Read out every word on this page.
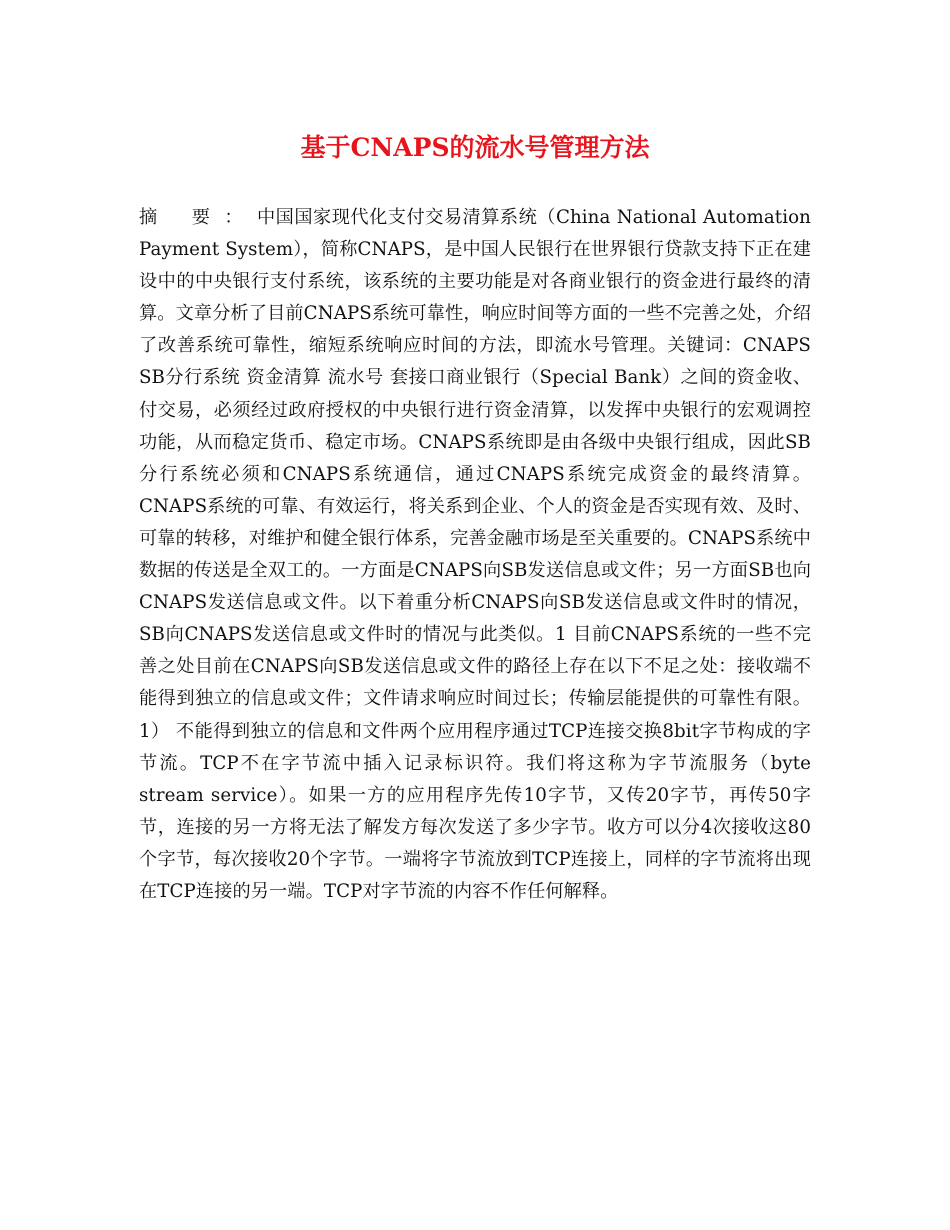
基于CNAPS的流水号管理方法

摘 要：中国国家现代化支付交易清算系统（China National Automation Payment System），简称CNAPS，是中国人民银行在世界银行贷款支持下正在建设中的中央银行支付系统，该系统的主要功能是对各商业银行的资金进行最终的清算。文章分析了目前CNAPS系统可靠性，响应时间等方面的一些不完善之处，介绍了改善系统可靠性，缩短系统响应时间的方法，即流水号管理。关键词：CNAPS SB分行系统 资金清算 流水号 套接口商业银行（Special Bank）之间的资金收、付交易，必须经过政府授权的中央银行进行资金清算，以发挥中央银行的宏观调控功能，从而稳定货币、稳定市场。CNAPS系统即是由各级中央银行组成，因此SB分行系统必须和CNAPS系统通信，通过CNAPS系统完成资金的最终清算。CNAPS系统的可靠、有效运行，将关系到企业、个人的资金是否实现有效、及时、可靠的转移，对维护和健全银行体系，完善金融市场是至关重要的。CNAPS系统中数据的传送是全双工的。一方面是CNAPS向SB发送信息或文件；另一方面SB也向CNAPS发送信息或文件。以下着重分析CNAPS向SB发送信息或文件时的情况，SB向CNAPS发送信息或文件时的情况与此类似。1 目前CNAPS系统的一些不完善之处目前在CNAPS向SB发送信息或文件的路径上存在以下不足之处：接收端不能得到独立的信息或文件；文件请求响应时间过长；传输层能提供的可靠性有限。1） 不能得到独立的信息和文件两个应用程序通过TCP连接交换8bit字节构成的字节流。TCP不在字节流中插入记录标识符。我们将这称为字节流服务（byte stream service）。如果一方的应用程序先传10字节，又传20字节，再传50字节，连接的另一方将无法了解发方每次发送了多少字节。收方可以分4次接收这80个字节，每次接收20个字节。一端将字节流放到TCP连接上，同样的字节流将出现在TCP连接的另一端。TCP对字节流的内容不作任何解释。
